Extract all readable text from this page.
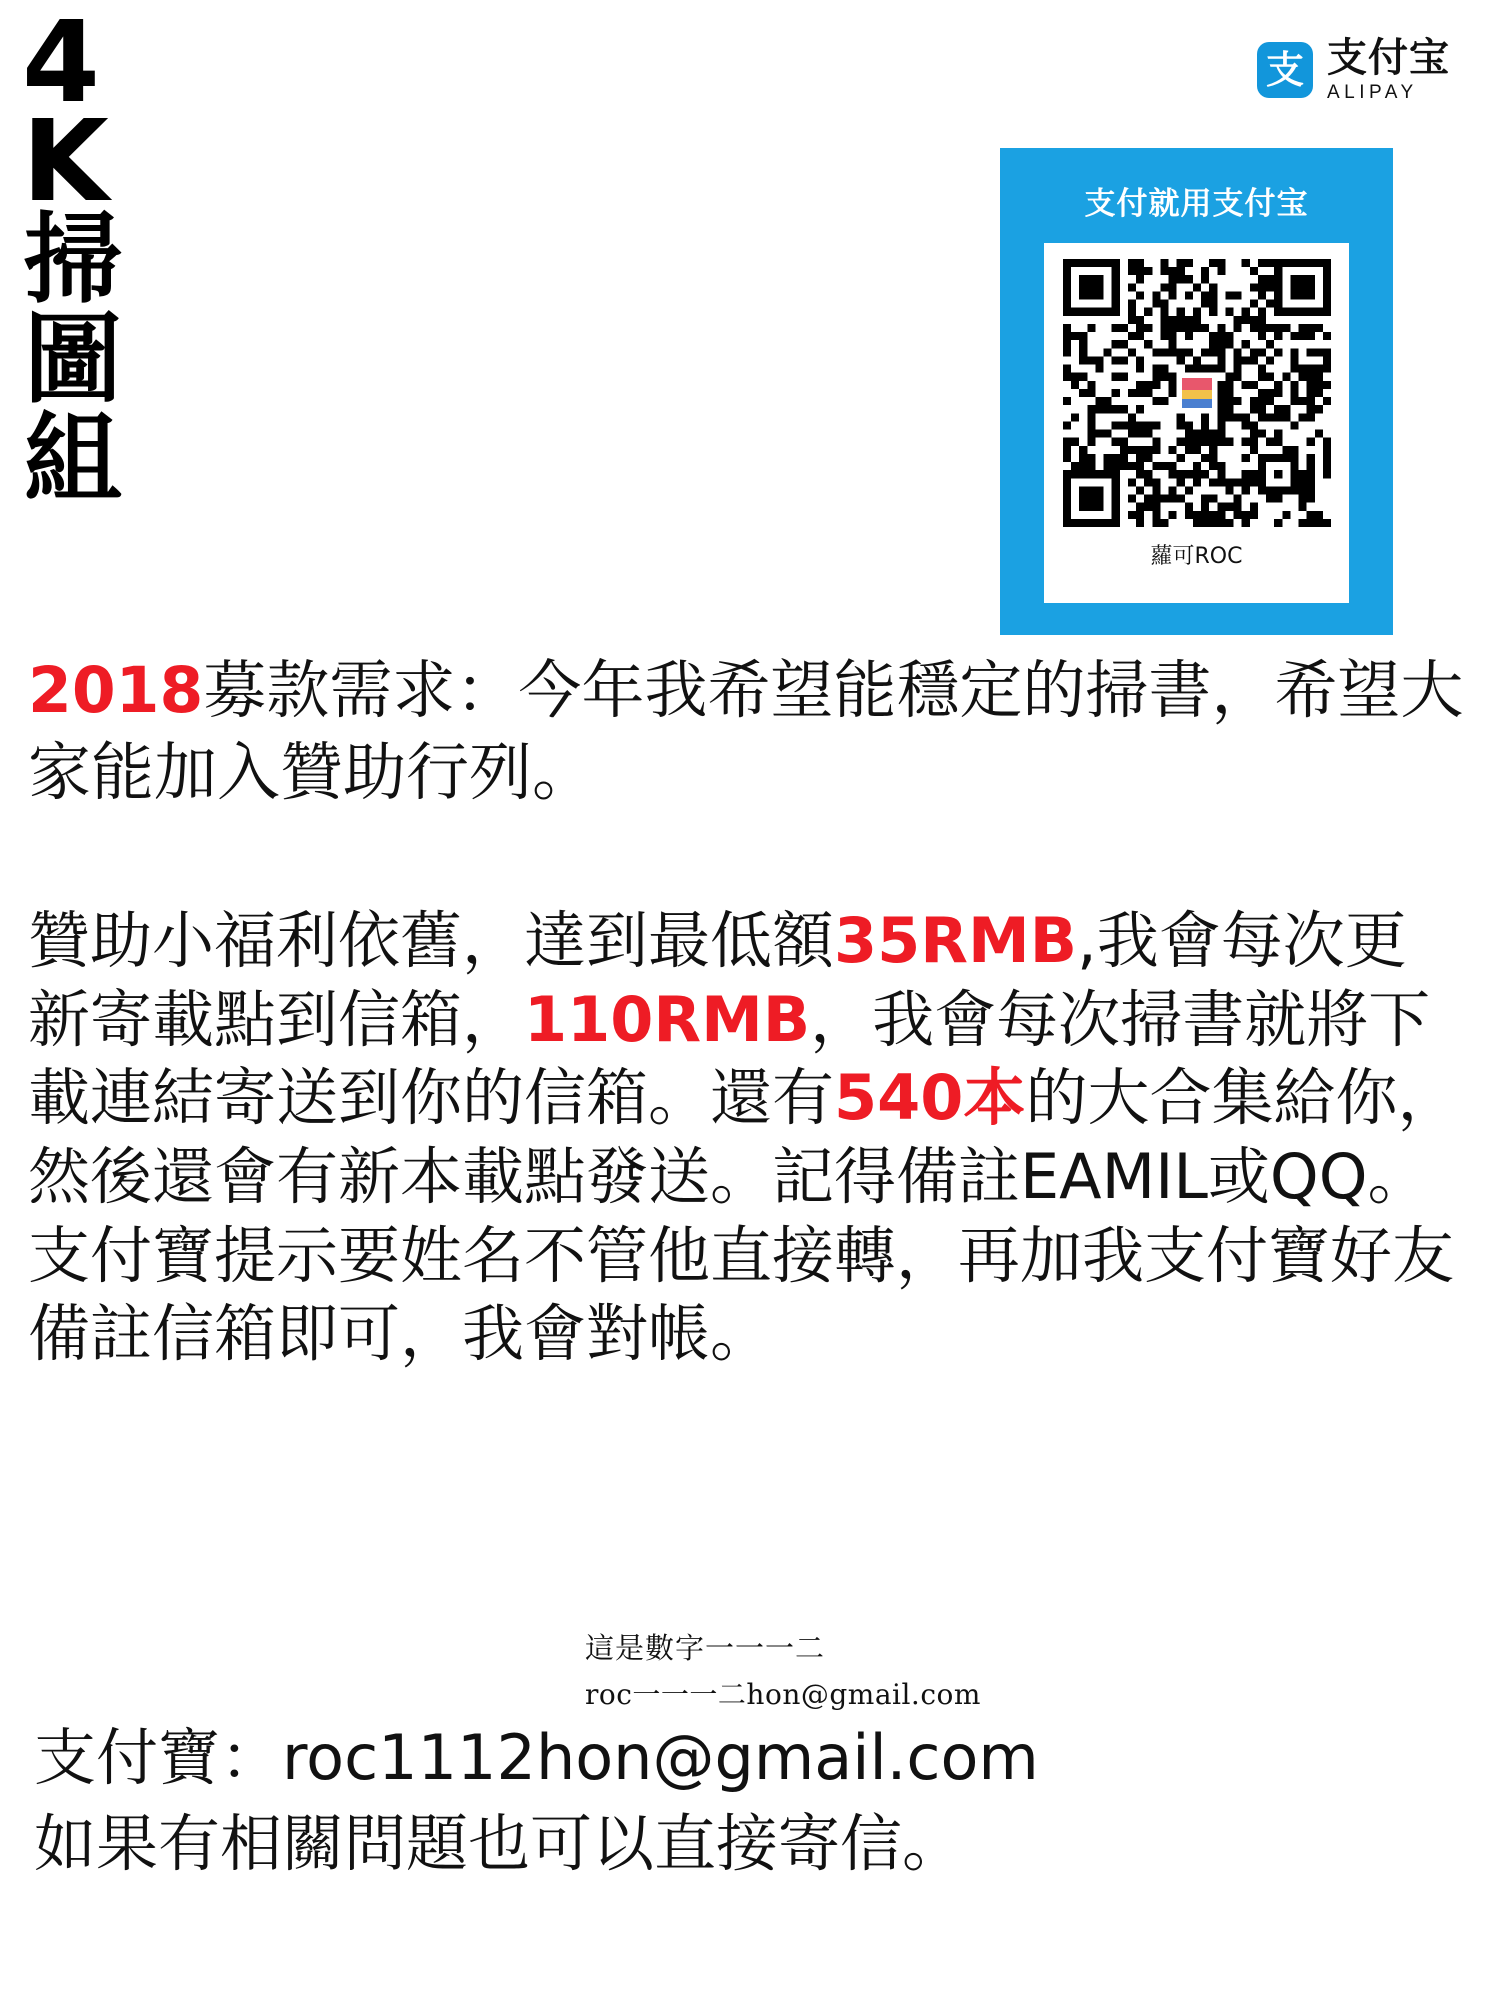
4
K
掃
圖
組
支 支付宝
ALIPAY
支付就用支付宝
蘿可ROC

2018募款需求：今年我希望能穩定的掃書，希望大家能加入贊助行列。

贊助小福利依舊，達到最低額35RMB,我會每次更新寄載點到信箱，110RMB，我會每次掃書就將下載連結寄送到你的信箱。還有540本的大合集給你，然後還會有新本載點發送。記得備註EAMIL或QQ。支付寶提示要姓名不管他直接轉，再加我支付寶好友備註信箱即可，我會對帳。

這是數字一一一二
roc一一一二hon@gmail.com
支付寶：roc1112hon@gmail.com
如果有相關問題也可以直接寄信。
